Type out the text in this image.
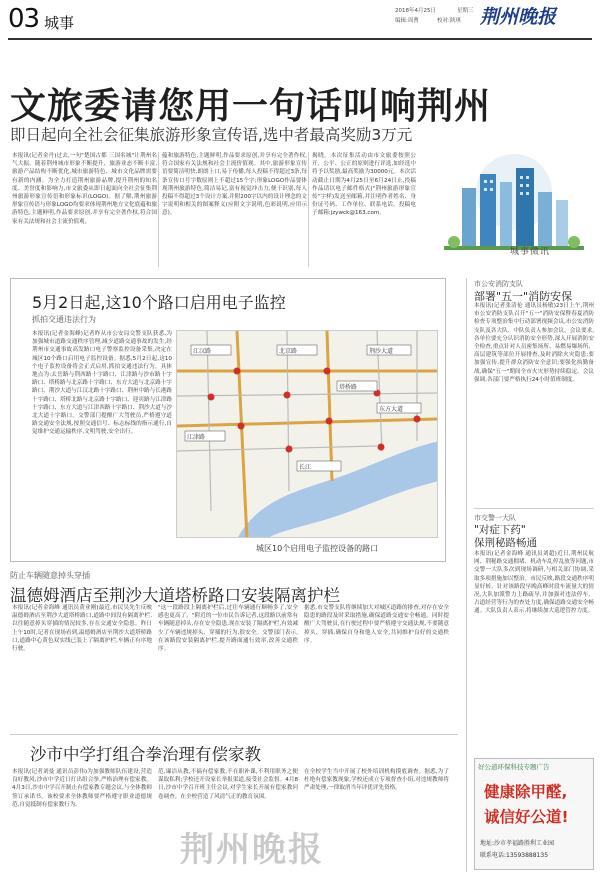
03 城事
2018年4月25日	星期三
编辑:周曹	校对:陕琪 荆州晚报
文旅委请您用一句话叫响荆州
即日起向全社会征集旅游形象宣传语,选中者最高奖励3万元
本报讯(记者金丹)过去,一句"楚国古都 三国名城"让荆州名气大振。随着荆州城市形象不断提升、旅游业态不断丰富,旅游产品结构不断优化,城市旅游特色、城市文化品牌需要有新的内涵。为全力打造荆州旅游品牌,提升荆州的知名度、美誉度和影响力,市文旅委从即日起面向全社会征集荆州旅游形象宣传语和形象标识(LOGO)。据了解,荆州旅游形象宣传语与形象LOGO均要求体现荆州地方文化底蕴和旅游特色,主题鲜明,作品要求原创,并享有完全著作权,符合国家有关法规和社会主流价值观。
蕴和旅游特色,主题鲜明,作品要求原创,并享有完全著作权,符合国家有关法规和社会主流价值观。其中,旅游形象宣传语要简洁明快,朗朗上口,易于传播,每人投稿不得超过3条,每条宣传口号字数原则上不超过15个字;形象LOGO作品要体现荆州旅游特色,简洁易记,富有视觉冲击力,便于识别,每人投稿不得超过3个设计方案,并附200字以内的设计理念的文字说明和相关的图案释义(应附文字说明,色彩说明,应用示意)。
揭晓。本次征集活动由市文旅委按照公开、公平、公正的原则进行评选,如经选中将予以奖励,最高奖励为30000元。本次活动截止日期为4月25日至6月24日止,投稿作品请以电子邮件格式("荆州旅游形象宣传"字样)发送至邮箱,并注明作者姓名、身份证号码、工作单位、联系电话。投稿电子邮箱:jzywck@163.com。
城事微讯
5月2日起,这10个路口启用电子监控
抓拍交通违法行为
本报讯(记者金海峰)记者昨从市公安局交警支队获悉,为加强城市道路交通秩序管理,减少道路交通事故的发生,经荆州市交通事故高发路口电子警察监控设备采集,决定在城区10个路口启用电子监控设备。据悉,5月2日起,这10个电子监控设备将会正式启用,抓拍交通违法行为。具体地点为:太岳路与荆西路十字路口、江津路与沙市路十字路口、塔桥路与北京路十字路口、东方大道与北京路十字路口、荆沙大道与江汉北路十字路口、荆州中路与长港路十字路口、塔桥北路与北京路十字路口、迎宾路与江津路十字路口、东方大道与江津西路十字路口、荆沙大道与沙北大道十字路口。交警部门提醒广大驾驶员,严格遵守道路交通安全法规,按照交通信号、标志标线的指示通行,自觉维护交通运输秩序,文明驾驶,安全出行。
江汉路	北京路	荆沙大道
塔桥路
江津路
东方大道
长江
城区10个启用电子监控设备的路口
市公安消防支队
部署"五一"消防安保
本报讯(记者张清伦 通讯员杨敏)23日上午,荆州市公安消防支队召开"五一"消防安保暨春夏消防检查专项整治集中行动部署视频会议,市公安消防支队及各大队、中队负责人参加会议。会议要求,各单位要充分认识消防安全形势,深入开展消防安全检查,重点针对人员密集场所、易燃易爆场所、高层建筑等部位开展排查,及时消除火灾隐患;要加强宣传,提升群众消防安全意识;要强化执勤备战,确保"五一"期间全市火灾形势持续稳定。会议强调,各部门要严格执行24小时值班制度。
市交警一大队
"对症下药"
保荆秘路畅通
本报讯(记者金海峰 通讯员刘超)近日,荆州民航网、荆秘路交通拥堵、机动车乱停乱放等问题,市交警一大队多次到现场调研,与相关部门协调,采取多项措施加以整治。市民反映,路段交通秩序明显好转。针对该路段早晚高峰时段车流量大的情况,大队加派警力上路疏导,并加强对违法停车、占道经营等行为的查处力度,确保道路交通安全畅通。大队负责人表示,将继续加大巡逻管控力度。
好公道环保科技专题广告
健康除甲醛,
诚信好公道!
地址:沙市孝福路胜利工业园
联系电话:13593888135
防止车辆随意掉头穿插
温德姆酒店至荆沙大道塔桥路口安装隔离护栏
本报讯(记者金海峰 通讯员黄业刚)最近,市民吴先生反映温德姆酒店至荆沙大道塔桥路口,道路中间没有隔离护栏,以往随意掉头穿插的情况较多,存在交通安全隐患。昨日上午10时,记者在现场看到,温德姆酒店至荆沙大道塔桥路口,道路中心黄色双实线已装上了隔离护栏,车辆正有序地行驶。
"这一段路段上隔离护栏后,过往车辆通行顺畅多了,安全感也更高了。"附近的一位市民告诉记者,这段路以前常有车辆随意掉头,存在安全隐患,现在安装了隔离护栏,有效减少了车辆违规掉头、穿插的行为,很安全。交警部门表示,在该路段安装隔离护栏,提升路面通行效率,改善交通秩序。
据悉,市交警支队将继续加大对城区道路的排查,对存在安全隐患的路段及时采取措施,确保道路交通安全畅通。同时提醒广大驾驶员,在行驶过程中要严格遵守交通法规,不要随意掉头、穿插,确保自身和他人安全,共同维护良好的交通秩序。
沙市中学打组合拳治理有偿家教
本报讯(记者刘曼 通讯员彭伟)为加强教师队伍建设,营造良好教风,沙市中学近日打出组合拳,严格治理有偿家教。4月3日,沙市中学召开制止有偿家教专题会议,与全体教师签订承诺书。该校要求全体教师要严格遵守职业道德规范,自觉抵制有偿家教行为。
范,廉洁从教,不搞有偿家教,不在职补课,不利用职务之便谋取私利;学校还开设家长举报渠道,接受社会监督。4月8日,沙市中学召开班主任会议,对学生家长开展有偿家教问卷调查。在全校营造了风清气正的教育氛围。
在全校学生当中开展了校外培训机构摸底调查。据悉,为了杜绝有偿家教现象,学校还成立专项督查小组,对违规教师将严肃处理,一律取消当年评优评先资格。
荆州晚报
